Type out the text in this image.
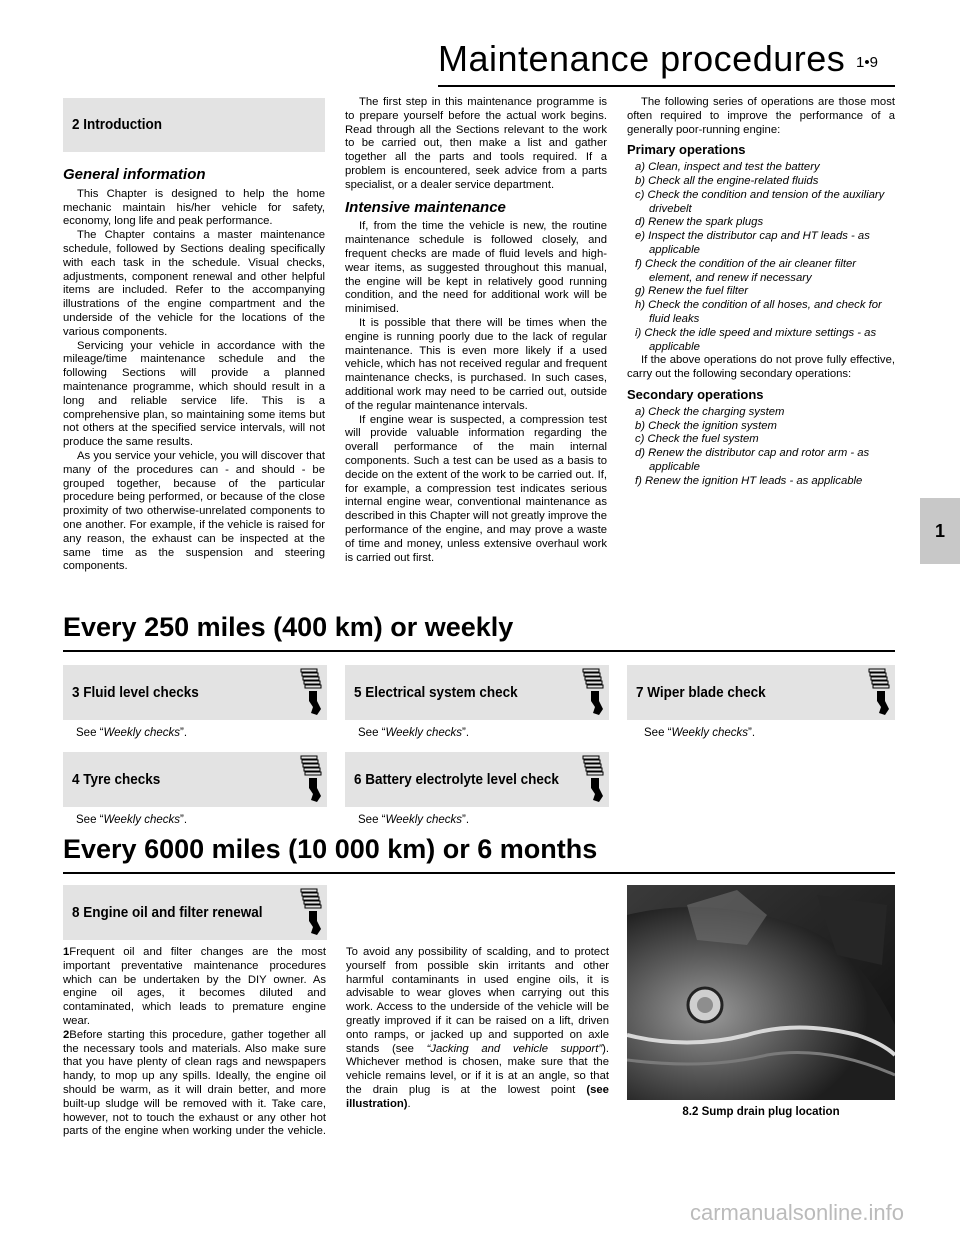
Maintenance procedures 1•9
1
2 Introduction
General information

This Chapter is designed to help the home mechanic maintain his/her vehicle for safety, economy, long life and peak performance.

The Chapter contains a master maintenance schedule, followed by Sections dealing specifically with each task in the schedule. Visual checks, adjustments, component renewal and other helpful items are included. Refer to the accompanying illustrations of the engine compartment and the underside of the vehicle for the locations of the various components.

Servicing your vehicle in accordance with the mileage/time maintenance schedule and the following Sections will provide a planned maintenance programme, which should result in a long and reliable service life. This is a comprehensive plan, so maintaining some items but not others at the specified service intervals, will not produce the same results.

As you service your vehicle, you will discover that many of the procedures can - and should - be grouped together, because of the particular procedure being performed, or because of the close proximity of two otherwise-unrelated components to one another. For example, if the vehicle is raised for any reason, the exhaust can be inspected at the same time as the suspension and steering components.

The first step in this maintenance programme is to prepare yourself before the actual work begins. Read through all the Sections relevant to the work to be carried out, then make a list and gather together all the parts and tools required. If a problem is encountered, seek advice from a parts specialist, or a dealer service department.

Intensive maintenance

If, from the time the vehicle is new, the routine maintenance schedule is followed closely, and frequent checks are made of fluid levels and high-wear items, as suggested throughout this manual, the engine will be kept in relatively good running condition, and the need for additional work will be minimised.

It is possible that there will be times when the engine is running poorly due to the lack of regular maintenance. This is even more likely if a used vehicle, which has not received regular and frequent maintenance checks, is purchased. In such cases, additional work may need to be carried out, outside of the regular maintenance intervals.

If engine wear is suspected, a compression test will provide valuable information regarding the overall performance of the main internal components. Such a test can be used as a basis to decide on the extent of the work to be carried out. If, for example, a compression test indicates serious internal engine wear, conventional maintenance as described in this Chapter will not greatly improve the performance of the engine, and may prove a waste of time and money, unless extensive overhaul work is carried out first.

The following series of operations are those most often required to improve the performance of a generally poor-running engine:

Primary operations
a) Clean, inspect and test the battery
b) Check all the engine-related fluids
c) Check the condition and tension of the auxiliary drivebelt
d) Renew the spark plugs
e) Inspect the distributor cap and HT leads - as applicable
f) Check the condition of the air cleaner filter element, and renew if necessary
g) Renew the fuel filter
h) Check the condition of all hoses, and check for fluid leaks
i) Check the idle speed and mixture settings - as applicable

If the above operations do not prove fully effective, carry out the following secondary operations:

Secondary operations
a) Check the charging system
b) Check the ignition system
c) Check the fuel system
d) Renew the distributor cap and rotor arm - as applicable
f) Renew the ignition HT leads - as applicable
Every 250 miles (400 km) or weekly
3 Fluid level checks
See “Weekly checks”.
5 Electrical system check
See “Weekly checks”.
7 Wiper blade check
See “Weekly checks”.
4 Tyre checks
See “Weekly checks”.
6 Battery electrolyte level check
See “Weekly checks”.
Every 6000 miles (10 000 km) or 6 months
8 Engine oil and filter renewal

1Frequent oil and filter changes are the most important preventative maintenance procedures which can be undertaken by the DIY owner. As engine oil ages, it becomes diluted and contaminated, which leads to premature engine wear.

2Before starting this procedure, gather together all the necessary tools and materials. Also make sure that you have plenty of clean rags and newspapers handy, to mop up any spills. Ideally, the engine oil should be warm, as it will drain better, and more built-up sludge will be removed with it. Take care, however, not to touch the exhaust or any other hot parts of the engine when working under the vehicle. To avoid any possibility of scalding, and to protect yourself from possible skin irritants and other harmful contaminants in used engine oils, it is advisable to wear gloves when carrying out this work. Access to the underside of the vehicle will be greatly improved if it can be raised on a lift, driven onto ramps, or jacked up and supported on axle stands (see “Jacking and vehicle support”). Whichever method is chosen, make sure that the vehicle remains level, or if it is at an angle, so that the drain plug is at the lowest point (see illustration).

8.2 Sump drain plug location
carmanualsonline.info
